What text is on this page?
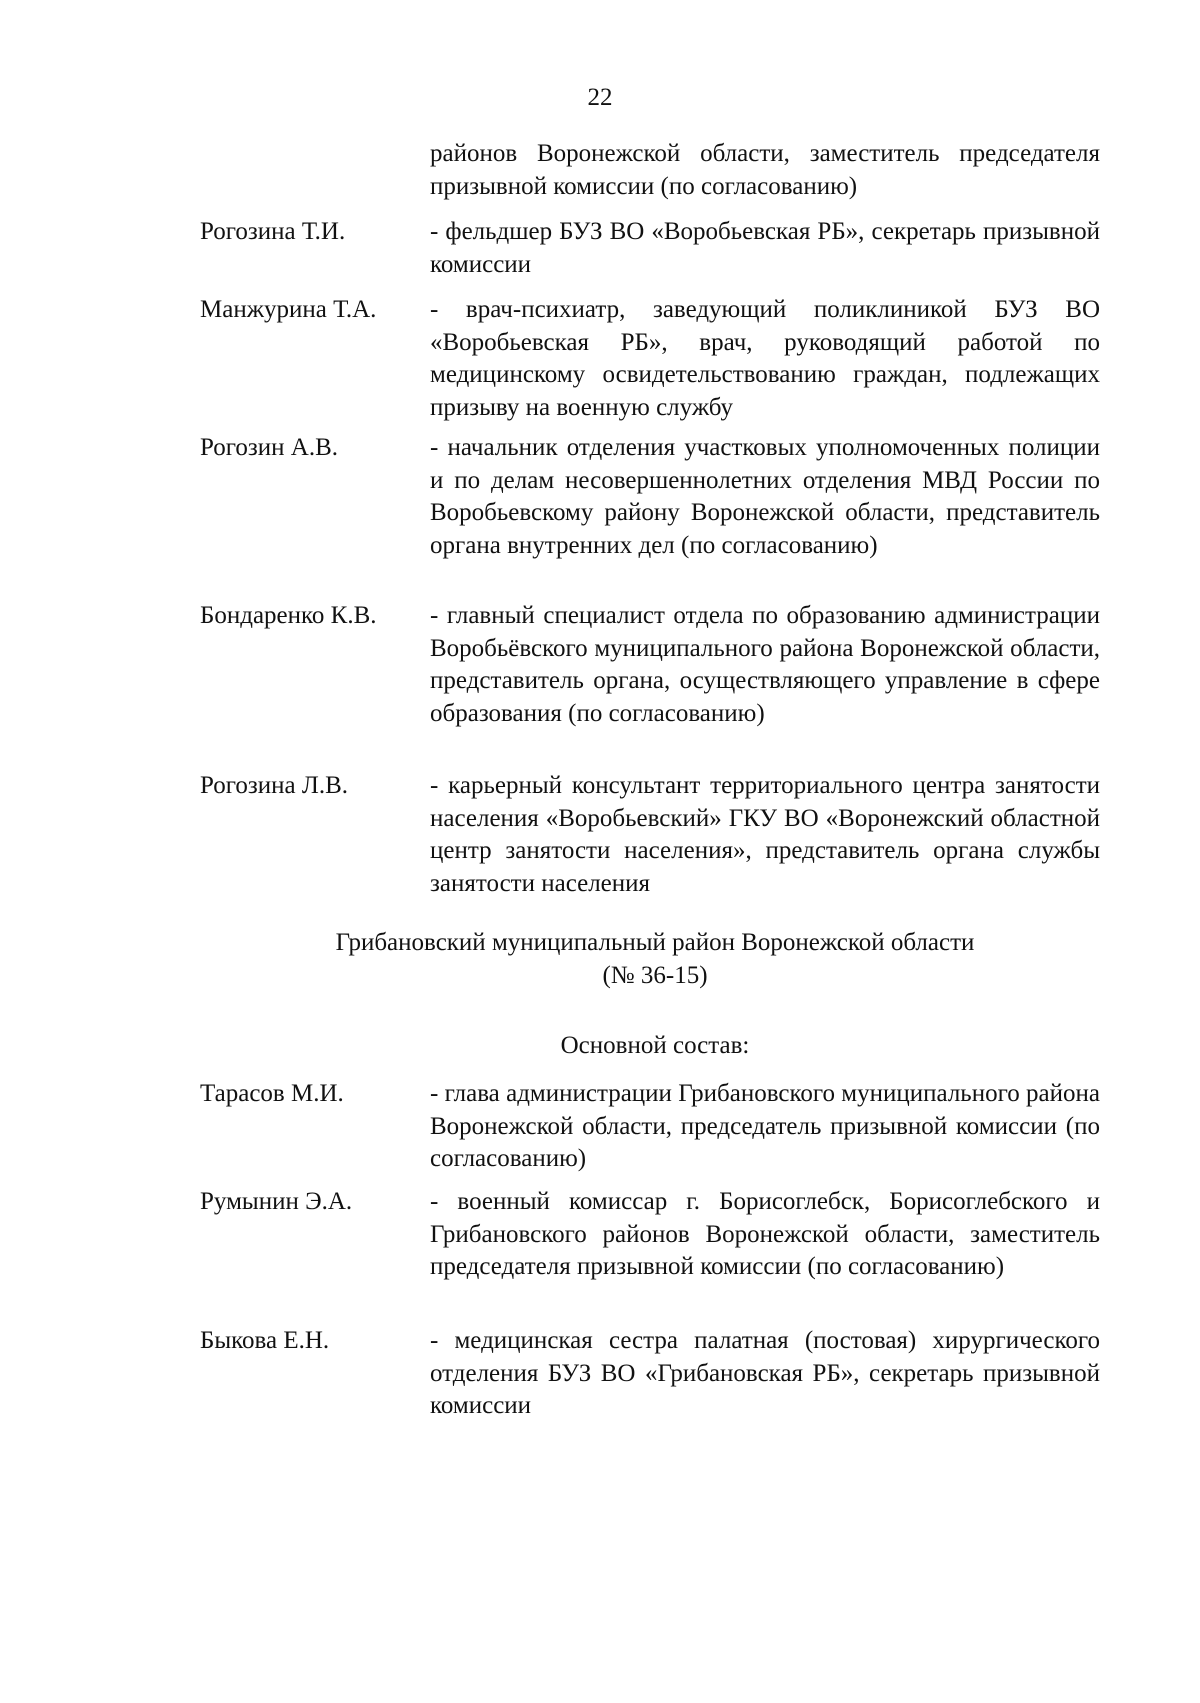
22
районов Воронежской области, заместитель председателя призывной комиссии (по согласованию)
Рогозина Т.И.	- фельдшер БУЗ ВО «Воробьевская РБ», секретарь призывной комиссии
Манжурина Т.А. - врач-психиатр, заведующий поликлиникой БУЗ ВО «Воробьевская РБ», врач, руководящий работой по медицинскому освидетельствованию граждан, подлежащих призыву на военную службу
Рогозин А.В.	- начальник отделения участковых уполномоченных полиции и по делам несовершеннолетних отделения МВД России по Воробьевскому району Воронежской области, представитель органа внутренних дел (по согласованию)
Бондаренко К.В. - главный специалист отдела по образованию администрации Воробьёвского муниципального района Воронежской области, представитель органа, осуществляющего управление в сфере образования (по согласованию)
Рогозина Л.В.	- карьерный консультант территориального центра занятости населения «Воробьевский» ГКУ ВО «Воронежский областной центр занятости населения», представитель органа службы занятости населения
Грибановский муниципальный район Воронежской области
(№ 36-15)
Основной состав:
Тарасов М.И.	- глава администрации Грибановского муниципального района Воронежской области, председатель призывной комиссии (по согласованию)
Румынин Э.А.	- военный комиссар г. Борисоглебск, Борисоглебского и Грибановского районов Воронежской области, заместитель председателя призывной комиссии (по согласованию)
Быкова Е.Н.	- медицинская сестра палатная (постовая) хирургического отделения БУЗ ВО «Грибановская РБ», секретарь призывной комиссии
